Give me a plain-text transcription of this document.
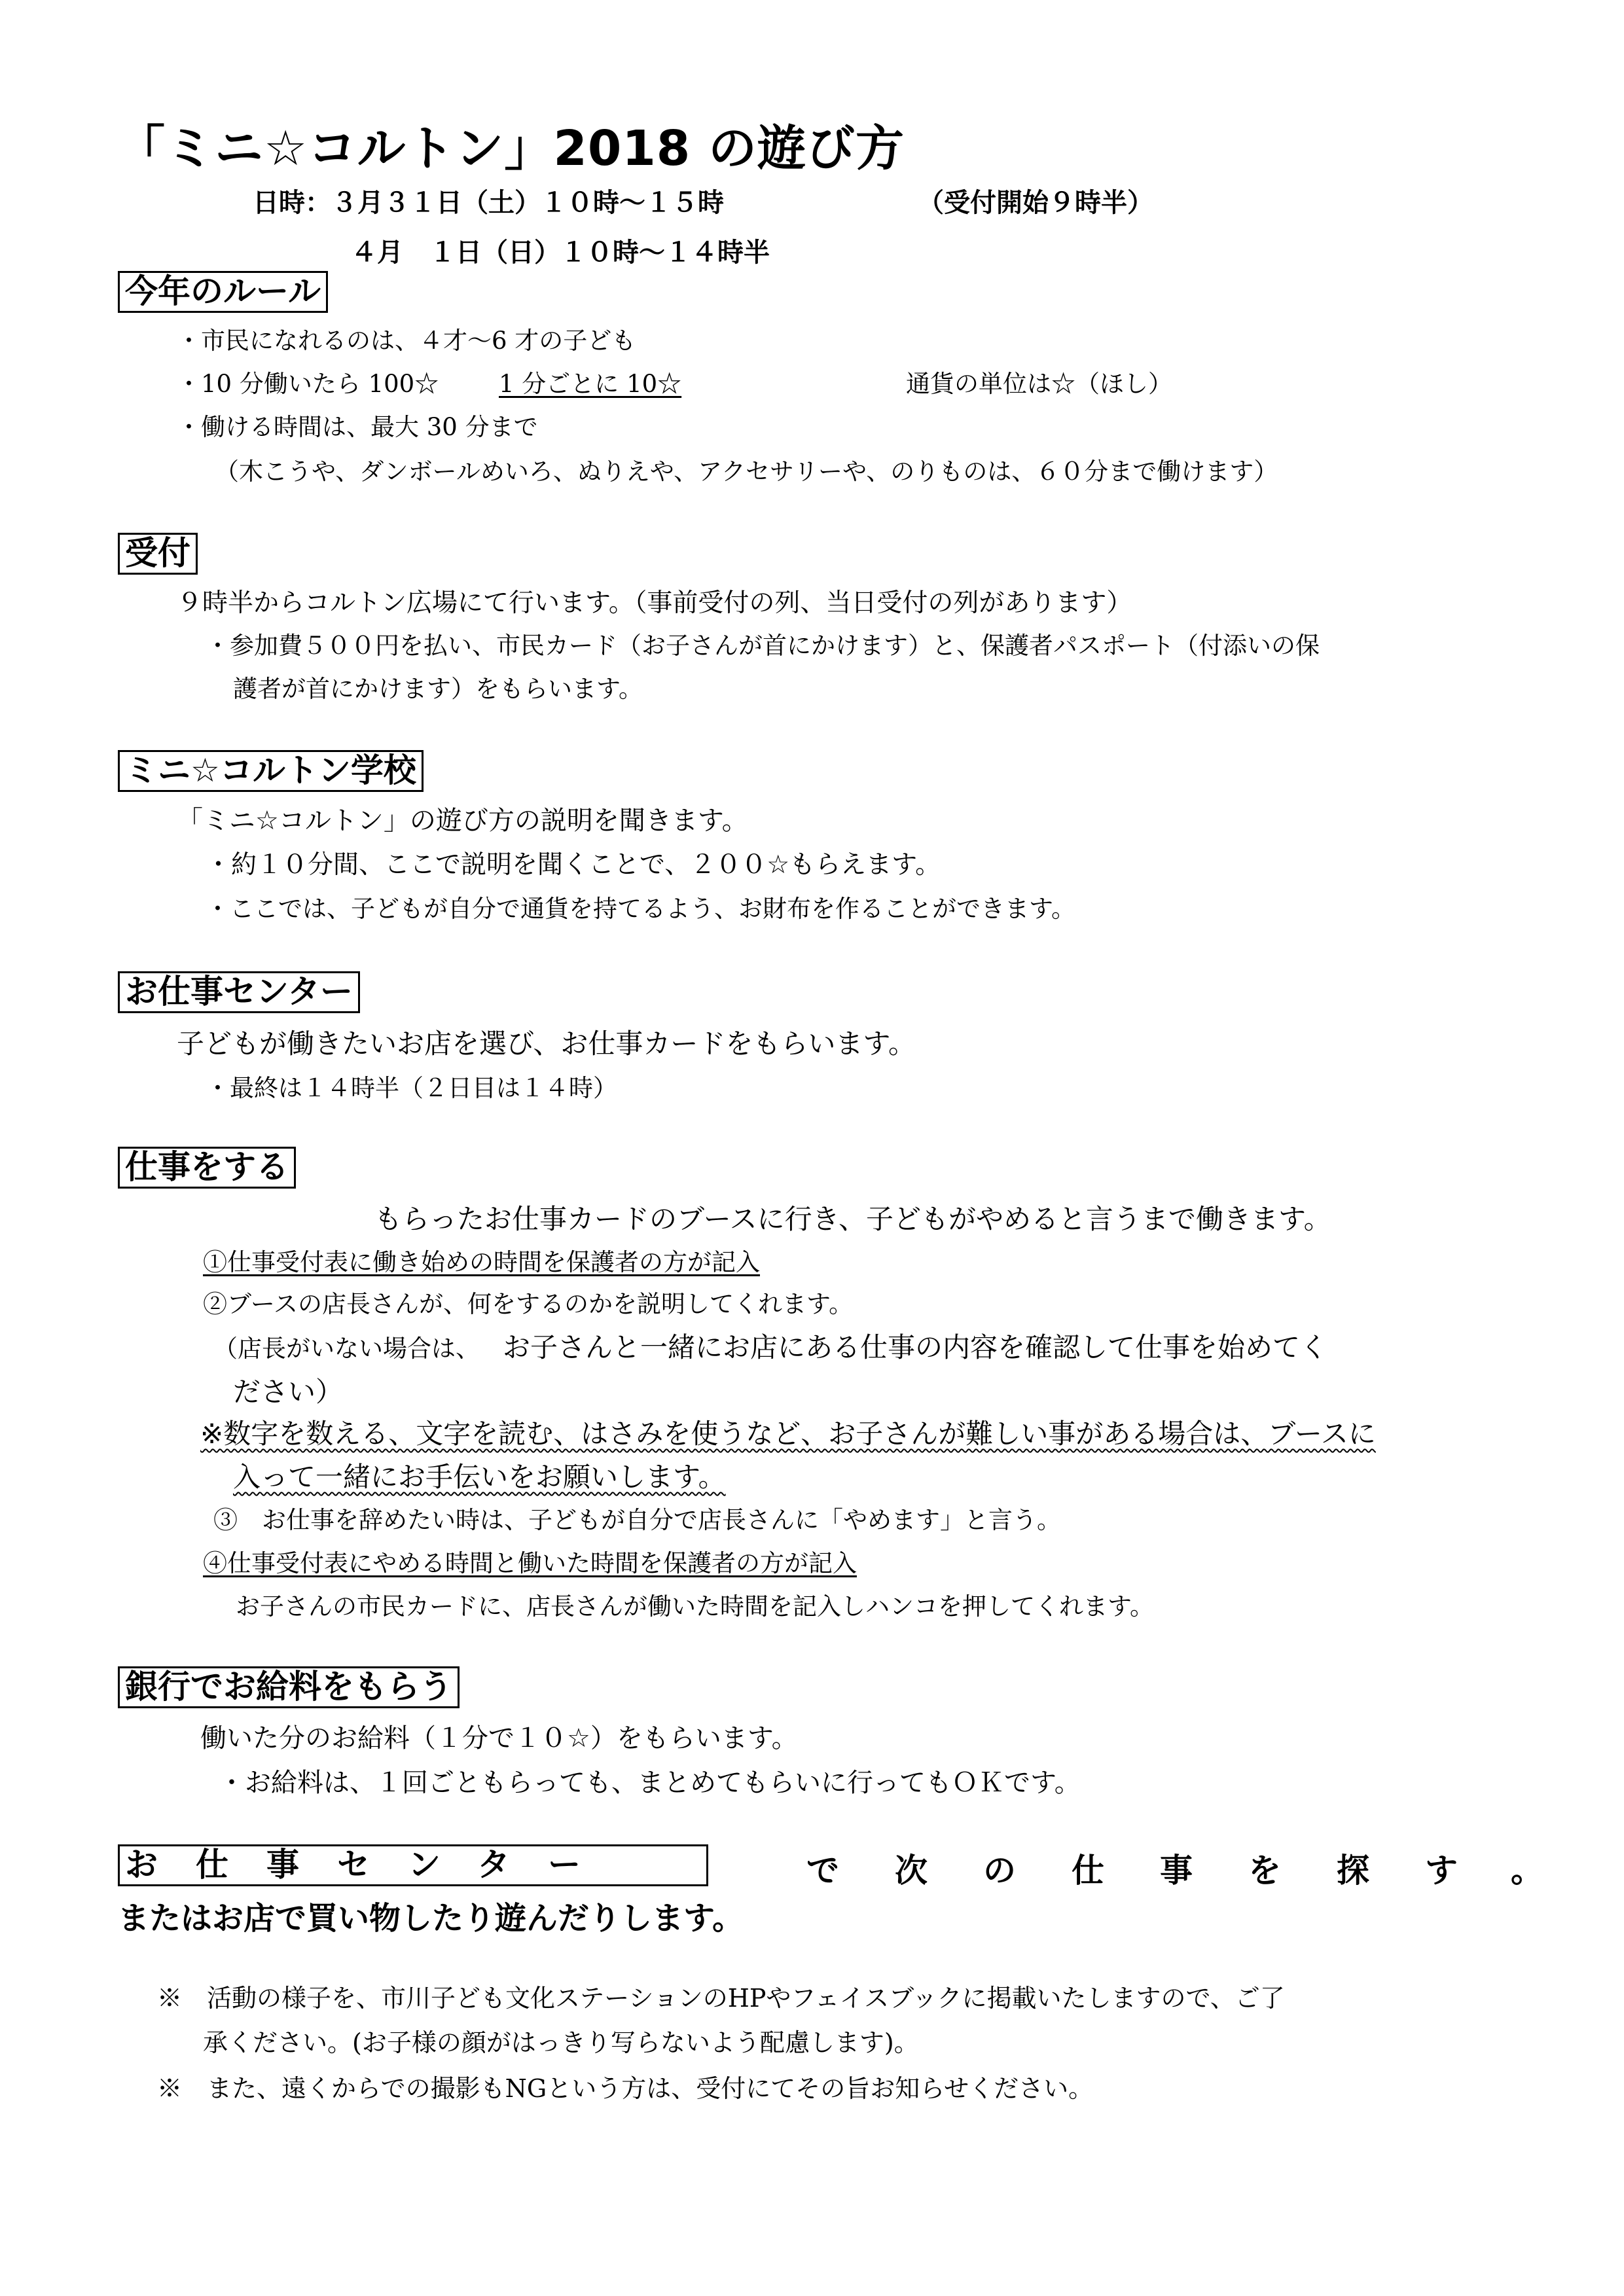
「ミニ☆コルトン」2018 の遊び方
日時：３月３１日（土）１０時～１５時	（受付開始９時半）
４月　１日（日）１０時～１４時半
今年のルール
・市民になれるのは、４才～6 才の子ども
・10 分働いたら 100☆ 1 分ごとに 10☆	通貨の単位は☆（ほし）
・働ける時間は、最大 30 分まで
（木こうや、ダンボールめいろ、ぬりえや、アクセサリーや、のりものは、６０分まで働けます）
受付
９時半からコルトン広場にて行います。（事前受付の列、当日受付の列があります）
・参加費５００円を払い、市民カード（お子さんが首にかけます）と、保護者パスポート（付添いの保
護者が首にかけます）をもらいます。
ミニ☆コルトン学校
「ミニ☆コルトン」の遊び方の説明を聞きます。
・約１０分間、ここで説明を聞くことで、２００☆もらえます。
・ここでは、子どもが自分で通貨を持てるよう、お財布を作ることができます。
お仕事センター
子どもが働きたいお店を選び、お仕事カードをもらいます。
・最終は１４時半（２日目は１４時）
仕事をする
もらったお仕事カードのブースに行き、子どもがやめると言うまで働きます。
①仕事受付表に働き始めの時間を保護者の方が記入
②ブースの店長さんが、何をするのかを説明してくれます。
（店長がいない場合は、 お子さんと一緒にお店にある仕事の内容を確認して仕事を始めてく
ださい）
※数字を数える、文字を読む、はさみを使うなど、お子さんが難しい事がある場合は、ブースに
入って一緒にお手伝いをお願いします。
③　お仕事を辞めたい時は、子どもが自分で店長さんに「やめます」と言う。
④仕事受付表にやめる時間と働いた時間を保護者の方が記入
お子さんの市民カードに、店長さんが働いた時間を記入しハンコを押してくれます。
銀行でお給料をもらう
働いた分のお給料（１分で１０☆）をもらいます。
・お給料は、１回ごともらっても、まとめてもらいに行ってもＯＫです。
お仕事センター	で次の仕事を探す。
またはお店で買い物したり遊んだりします。
※　活動の様子を、市川子ども文化ステーションのHPやフェイスブックに掲載いたしますので、ご了
承ください。(お子様の顔がはっきり写らないよう配慮します)。
※　また、遠くからでの撮影もNGという方は、受付にてその旨お知らせください。
